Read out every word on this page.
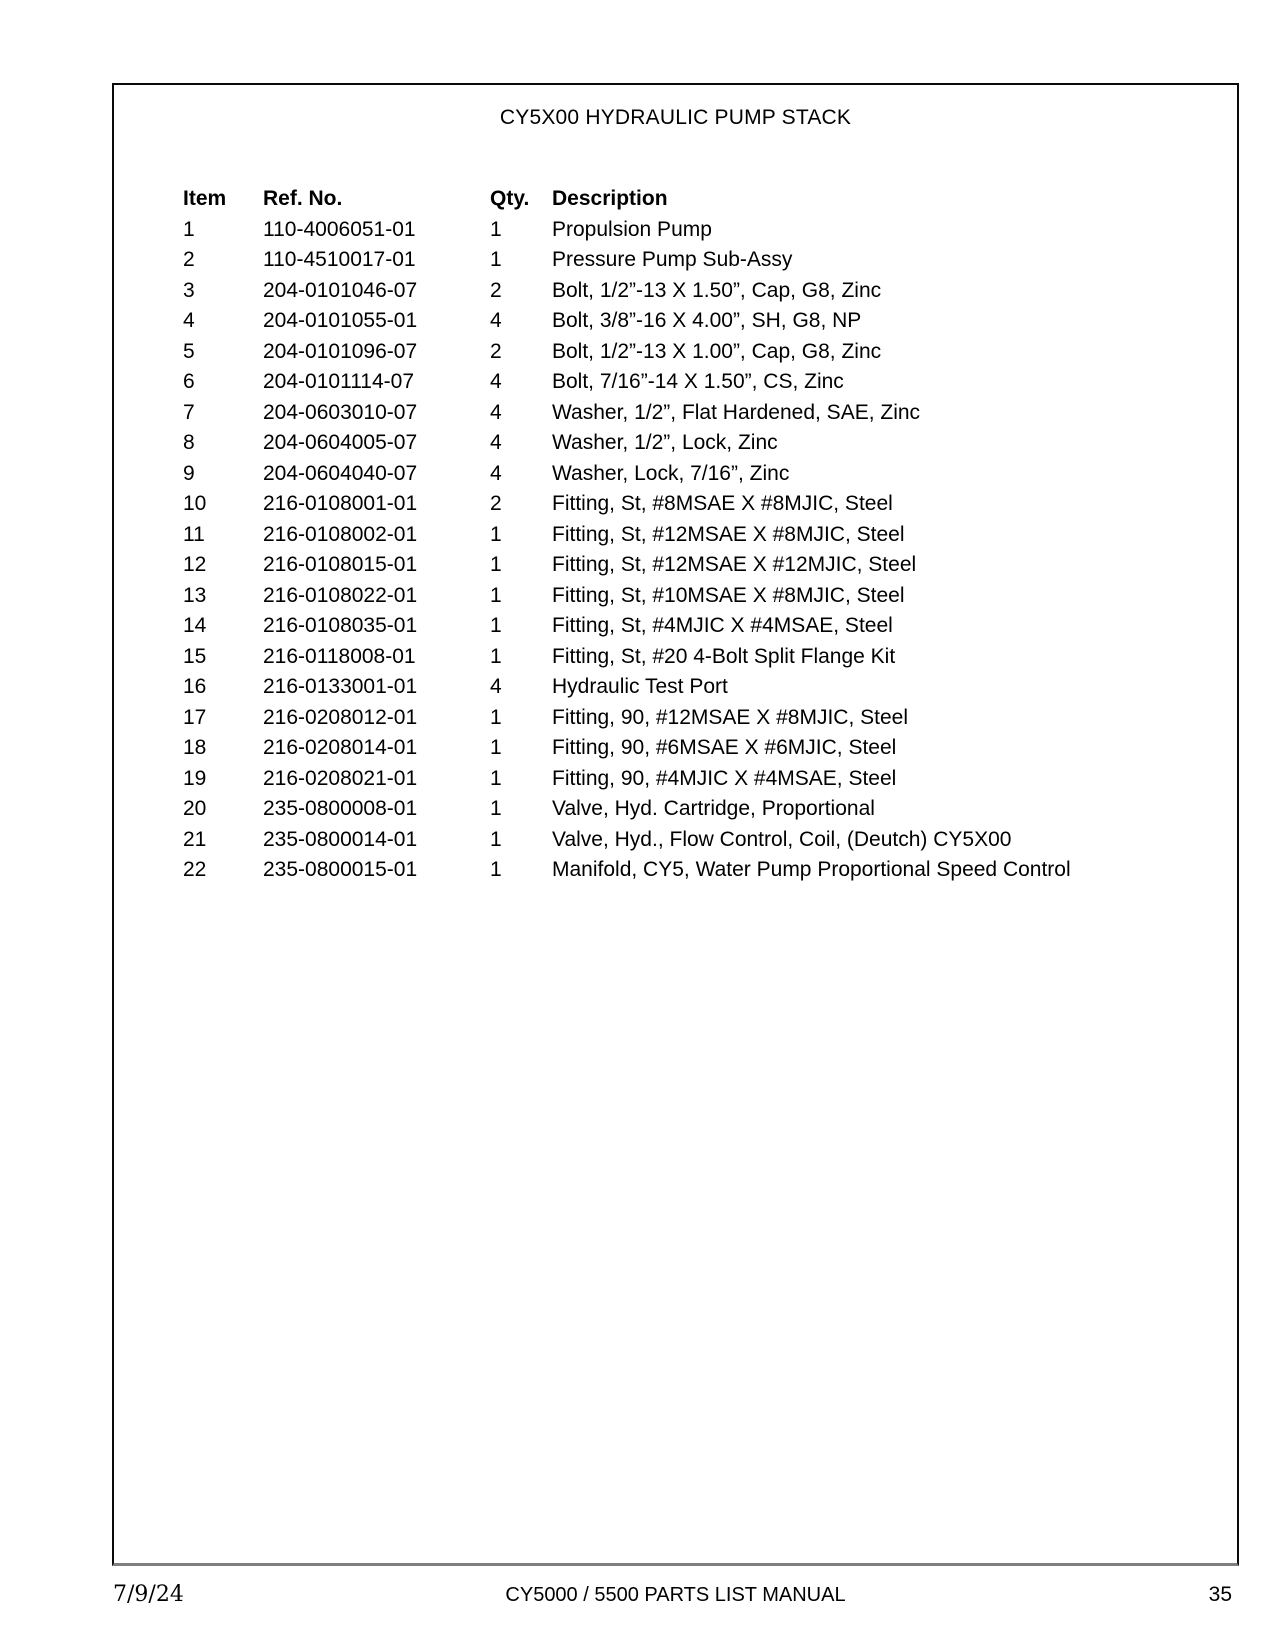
CY5X00 HYDRAULIC PUMP STACK
Item	Ref. No.	Qty.	Description
1	110-4006051-01	1	Propulsion Pump
2	110-4510017-01	1	Pressure Pump Sub-Assy
3	204-0101046-07	2	Bolt, 1/2”-13 X 1.50”, Cap, G8, Zinc
4	204-0101055-01	4	Bolt, 3/8”-16 X 4.00”, SH, G8, NP
5	204-0101096-07	2	Bolt, 1/2”-13 X 1.00”, Cap, G8, Zinc
6	204-0101114-07	4	Bolt, 7/16”-14 X 1.50”, CS, Zinc
7	204-0603010-07	4	Washer, 1/2”, Flat Hardened, SAE, Zinc
8	204-0604005-07	4	Washer, 1/2”, Lock, Zinc
9	204-0604040-07	4	Washer, Lock, 7/16”, Zinc
10	216-0108001-01	2	Fitting, St, #8MSAE X #8MJIC, Steel
11	216-0108002-01	1	Fitting, St, #12MSAE X #8MJIC, Steel
12	216-0108015-01	1	Fitting, St, #12MSAE X #12MJIC, Steel
13	216-0108022-01	1	Fitting, St, #10MSAE X #8MJIC, Steel
14	216-0108035-01	1	Fitting, St, #4MJIC X #4MSAE, Steel
15	216-0118008-01	1	Fitting, St, #20 4-Bolt Split Flange Kit
16	216-0133001-01	4	Hydraulic Test Port
17	216-0208012-01	1	Fitting, 90, #12MSAE X #8MJIC, Steel
18	216-0208014-01	1	Fitting, 90, #6MSAE X #6MJIC, Steel
19	216-0208021-01	1	Fitting, 90, #4MJIC X #4MSAE, Steel
20	235-0800008-01	1	Valve, Hyd. Cartridge, Proportional
21	235-0800014-01	1	Valve, Hyd., Flow Control, Coil, (Deutch) CY5X00
22	235-0800015-01	1	Manifold, CY5, Water Pump Proportional Speed Control
7/9/24	CY5000 / 5500 PARTS LIST MANUAL	35
